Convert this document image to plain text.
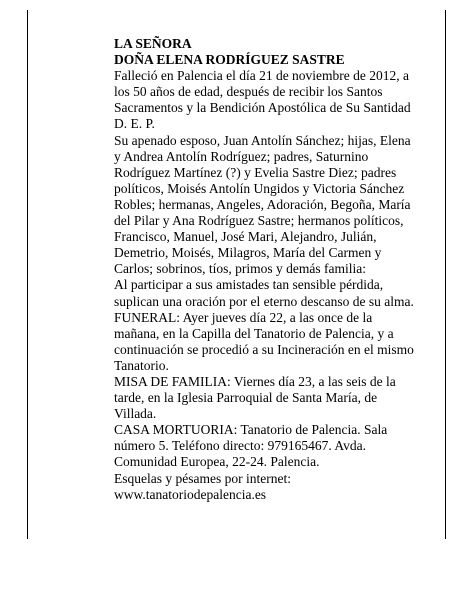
LA SEÑORA
DOÑA ELENA RODRÍGUEZ SASTRE
Falleció en Palencia el día 21 de noviembre de 2012, a
los 50 años de edad, después de recibir los Santos
Sacramentos y la Bendición Apostólica de Su Santidad
D. E. P.
Su apenado esposo, Juan Antolín Sánchez; hijas, Elena
y Andrea Antolín Rodríguez; padres, Saturnino
Rodríguez Martínez (?) y Evelia Sastre Diez; padres
políticos, Moisés Antolín Ungidos y Victoria Sánchez
Robles; hermanas, Angeles, Adoración, Begoña, María
del Pilar y Ana Rodríguez Sastre; hermanos políticos,
Francisco, Manuel, José Mari, Alejandro, Julián,
Demetrio, Moisés, Milagros, María del Carmen y
Carlos; sobrinos, tíos, primos y demás familia:
Al participar a sus amistades tan sensible pérdida,
suplican una oración por el eterno descanso de su alma.
FUNERAL: Ayer jueves día 22, a las once de la
mañana, en la Capilla del Tanatorio de Palencia, y a
continuación se procedió a su Incineración en el mismo
Tanatorio.
MISA DE FAMILIA: Viernes día 23, a las seis de la
tarde, en la Iglesia Parroquial de Santa María, de
Villada.
CASA MORTUORIA: Tanatorio de Palencia. Sala
número 5. Teléfono directo: 979165467. Avda.
Comunidad Europea, 22-24. Palencia.
Esquelas y pésames por internet:
www.tanatoriodepalencia.es
